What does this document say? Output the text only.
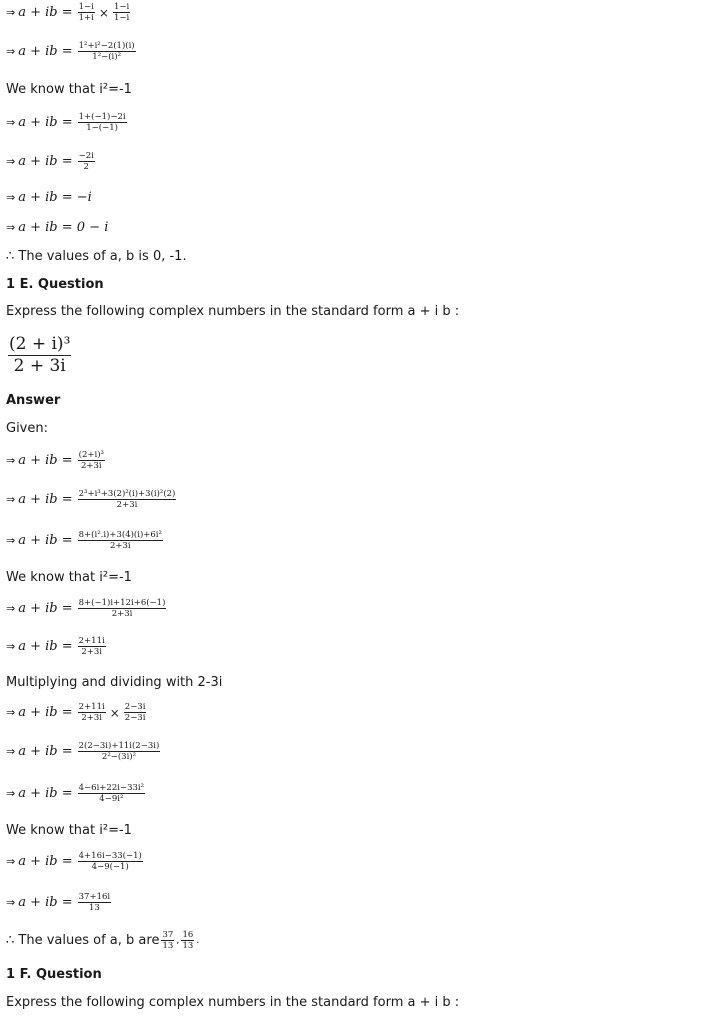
⇒ a + ib = $\frac{1-i}{1+i} \times \frac{1-i}{1-i}$
⇒ a + ib = $\frac{\text{1²+i²−2(1)(i)}}{\text{1²−(i)²}}$
We know that i²=-1
⇒ a + ib = $\frac{1+(-1)-2i}{1-(-1)}$
⇒ a + ib = $\frac{-2i}{2}$
⇒ a + ib = −i
⇒ a + ib = 0 − i
∴
The values of a, b is 0, -1.
1 E. Question
Express the following complex numbers in the standard form a + i b :
$\frac{\text{(2 + i)³}}{2 + 3i}$
Answer
Given:
⇒ a + ib = $\frac{\text{(2+i)³}}{2+3i}$
⇒ a + ib = $\frac{\text{2³+i³+3(2)²(i)+3(i)²(2)}}{2+3i}$
⇒ a + ib = $\frac{\text{8+(i².i)+3(4)(i)+6i²}}{2+3i}$
We know that i²=-1
⇒ a + ib = $\frac{8+(-1)i+12i+6(-1)}{2+3i}$
⇒ a + ib = $\frac{2+11i}{2+3i}$
Multiplying and dividing with 2-3i
⇒ a + ib = $\frac{2+11i}{2+3i} \times \frac{2-3i}{2-3i}$
⇒ a + ib = $\frac{2(2-3i)+11i(2-3i)}{\text{2²−(3i)²}}$
⇒ a + ib = $\frac{\text{4−6i+22i−33i²}}{\text{4−9i²}}$
We know that i²=-1
⇒ a + ib = $\frac{4+16i-33(-1)}{4-9(-1)}$
⇒ a + ib = $\frac{37+16i}{13}$
∴
The values of a, b are $\frac{37}{13}$ , $\frac{16}{13}$ .
1 F. Question
Express the following complex numbers in the standard form a + i b :
